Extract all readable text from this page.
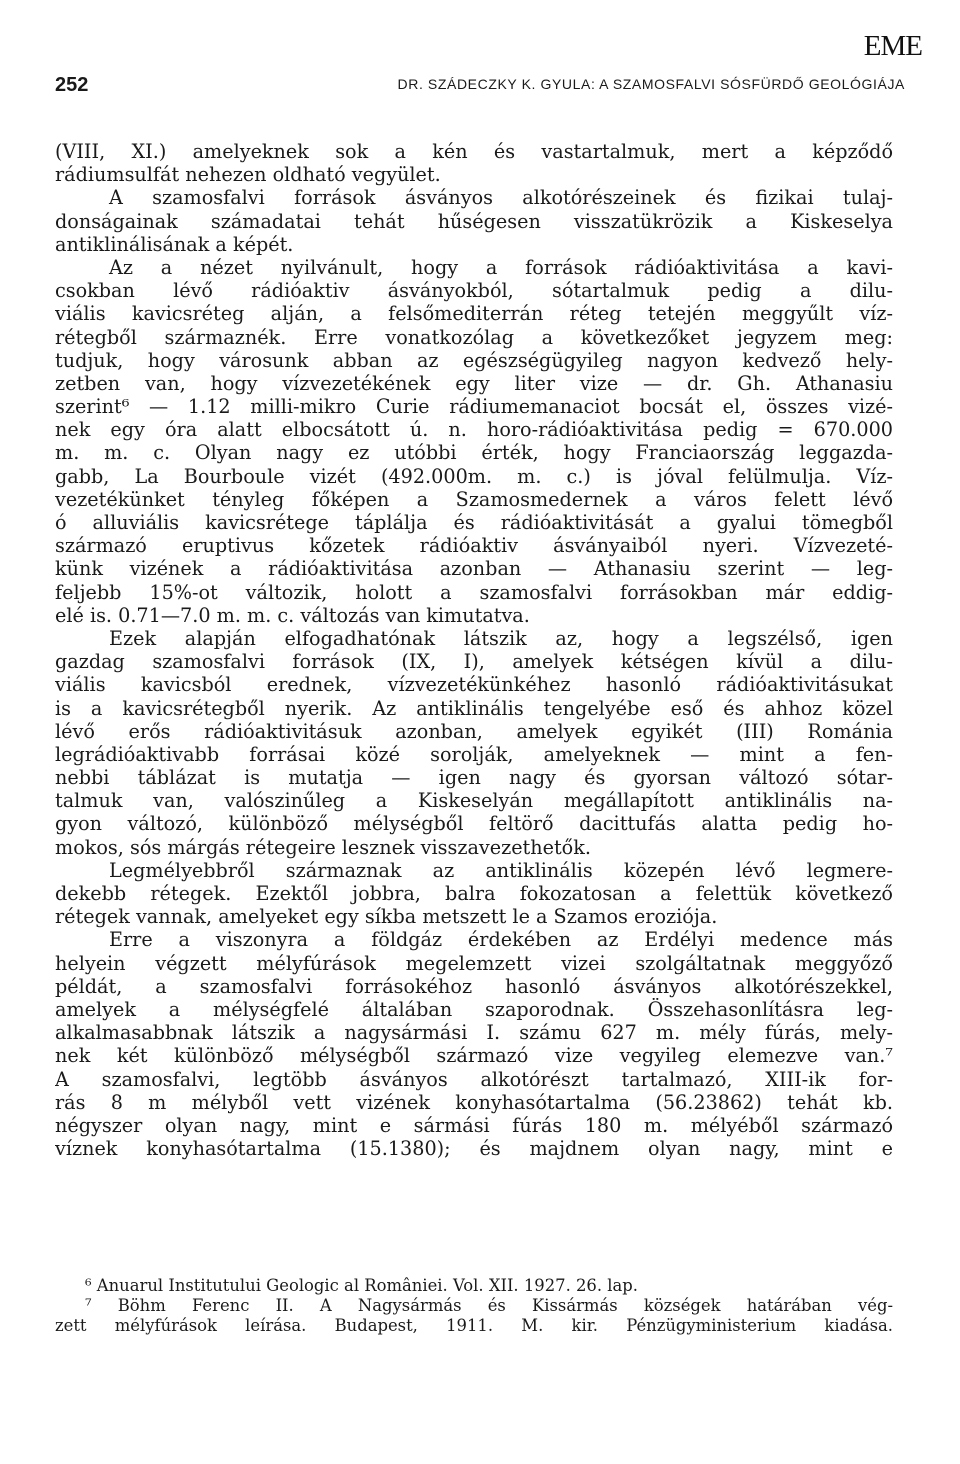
EME
252	DR. SZÁDECZKY K. GYULA: A SZAMOSFALVI SÓSFÜRDŐ GEOLÓGIÁJA
(VIII, XI.) amelyeknek sok a kén és vastartalmuk, mert a képződő
rádiumsulfát nehezen oldható vegyület.
A szamosfalvi források ásványos alkotórészeinek és fizikai tulaj-
donságainak számadatai tehát hűségesen visszatükrözik a Kiskeselya
antiklinálisának a képét.
Az a nézet nyilvánult, hogy a források rádióaktivitása a kavi-
csokban lévő rádióaktiv ásványokból, sótartalmuk pedig a dilu-
viális kavicsréteg alján, a felsőmediterrán réteg tetején meggyűlt víz-
rétegből származnék. Erre vonatkozólag a következőket jegyzem meg:
tudjuk, hogy városunk abban az egészségügyileg nagyon kedvező hely-
zetben van, hogy vízvezetékének egy liter vize — dr. Gh. Athanasiu
szerint⁶ — 1.12 milli-mikro Curie rádiumemanaciot bocsát el, összes vizé-
nek egy óra alatt elbocsátott ú. n. horo-rádióaktivitása pedig = 670.000
m. m. c. Olyan nagy ez utóbbi érték, hogy Franciaország leggazda-
gabb, La Bourboule vizét (492.000m. m. c.) is jóval felülmulja. Víz-
vezetékünket tényleg főképen a Szamosmedernek a város felett lévő
ó alluviális kavicsrétege táplálja és rádióaktivitását a gyalui tömegből
származó eruptivus kőzetek rádióaktiv ásványaiból nyeri. Vízvezeté-
künk vizének a rádióaktivitása azonban — Athanasiu szerint — leg-
feljebb 15%-ot változik, holott a szamosfalvi forrásokban már eddig-
elé is. 0.71—7.0 m. m. c. változás van kimutatva.
Ezek alapján elfogadhatónak látszik az, hogy a legszélső, igen
gazdag szamosfalvi források (IX, I), amelyek kétségen kívül a dilu-
viális kavicsból erednek, vízvezetékünkéhez hasonló rádióaktivitásukat
is a kavicsrétegből nyerik. Az antiklinális tengelyébe eső és ahhoz közel
lévő erős rádióaktivitásuk azonban, amelyek egyikét (III) Románia
legrádióaktivabb forrásai közé sorolják, amelyeknek — mint a fen-
nebbi táblázat is mutatja — igen nagy és gyorsan változó sótar-
talmuk van, valószinűleg a Kiskeselyán megállapított antiklinális na-
gyon változó, különböző mélységből feltörő dacittufás alatta pedig ho-
mokos, sós márgás rétegeire lesznek visszavezethetők.
Legmélyebbről származnak az antiklinális közepén lévő legmere-
dekebb rétegek. Ezektől jobbra, balra fokozatosan a felettük következő
rétegek vannak, amelyeket egy síkba metszett le a Szamos eroziója.
Erre a viszonyra a földgáz érdekében az Erdélyi medence más
helyein végzett mélyfúrások megelemzett vizei szolgáltatnak meggyőző
példát, a szamosfalvi forrásokéhoz hasonló ásványos alkotórészekkel,
amelyek a mélységfelé általában szaporodnak. Összehasonlításra leg-
alkalmasabbnak látszik a nagysármási I. számu 627 m. mély fúrás, mely-
nek két különböző mélységből származó vize vegyileg elemezve van.⁷
A szamosfalvi, legtöbb ásványos alkotórészt tartalmazó, XIII-ik for-
rás 8 m mélyből vett vizének konyhasótartalma (56.23862) tehát kb.
négyszer olyan nagy, mint e sármási fúrás 180 m. mélyéből származó
víznek konyhasótartalma (15.1380); és majdnem olyan nagy, mint e
⁶ Anuarul Institutului Geologic al României. Vol. XII. 1927. 26. lap.
⁷ Böhm Ferenc II. A Nagysármás és Kissármás községek határában vég-
zett mélyfúrások leírása. Budapest, 1911. M. kir. Pénzügyministerium kiadása.
